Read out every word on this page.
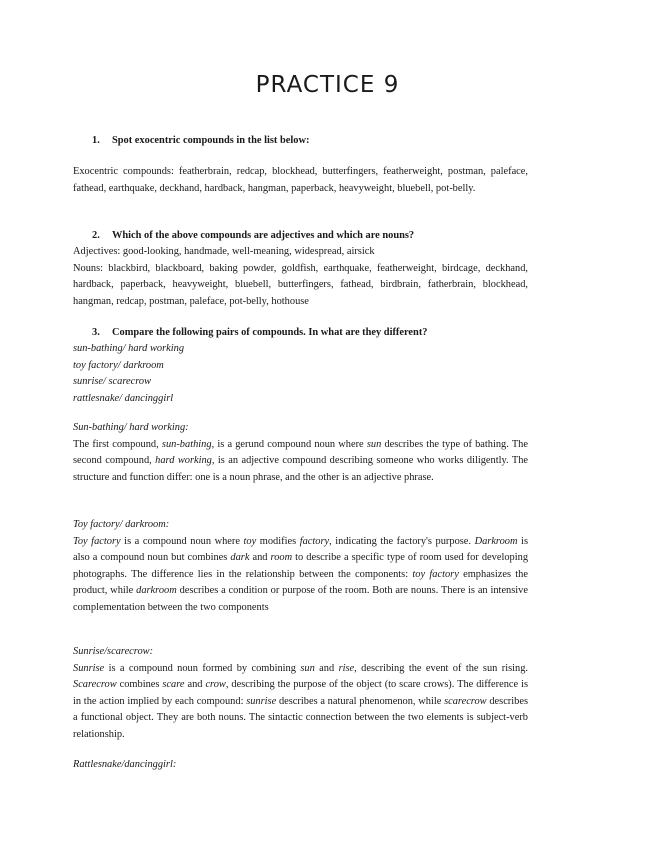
PRACTICE 9

1. Spot exocentric compounds in the list below:

Exocentric compounds: featherbrain, redcap, blockhead, butterfingers, featherweight, postman, paleface, fathead, earthquake, deckhand, hardback, hangman, paperback, heavyweight, bluebell, pot-belly.

2. Which of the above compounds are adjectives and which are nouns?

Adjectives: good-looking, handmade, well-meaning, widespread, airsick

Nouns: blackbird, blackboard, baking powder, goldfish, earthquake, featherweight, birdcage, deckhand, hardback, paperback, heavyweight, bluebell, butterfingers, fathead, birdbrain, fatherbrain, blockhead, hangman, redcap, postman, paleface, pot-belly, hothouse

3. Compare the following pairs of compounds. In what are they different?

sun-bathing/ hard working
toy factory/ darkroom
sunrise/ scarecrow
rattlesnake/ dancinggirl
Sun-bathing/ hard working:

The first compound, sun-bathing, is a gerund compound noun where sun describes the type of bathing. The second compound, hard working, is an adjective compound describing someone who works diligently. The structure and function differ: one is a noun phrase, and the other is an adjective phrase.

Toy factory/ darkroom:

Toy factory is a compound noun where toy modifies factory, indicating the factory's purpose. Darkroom is also a compound noun but combines dark and room to describe a specific type of room used for developing photographs. The difference lies in the relationship between the components: toy factory emphasizes the product, while darkroom describes a condition or purpose of the room. Both are nouns. There is an intensive complementation between the two components

Sunrise/scarecrow:

Sunrise is a compound noun formed by combining sun and rise, describing the event of the sun rising. Scarecrow combines scare and crow, describing the purpose of the object (to scare crows). The difference is in the action implied by each compound: sunrise describes a natural phenomenon, while scarecrow describes a functional object. They are both nouns. The sintactic connection between the two elements is subject-verb relationship.

Rattlesnake/dancinggirl:
